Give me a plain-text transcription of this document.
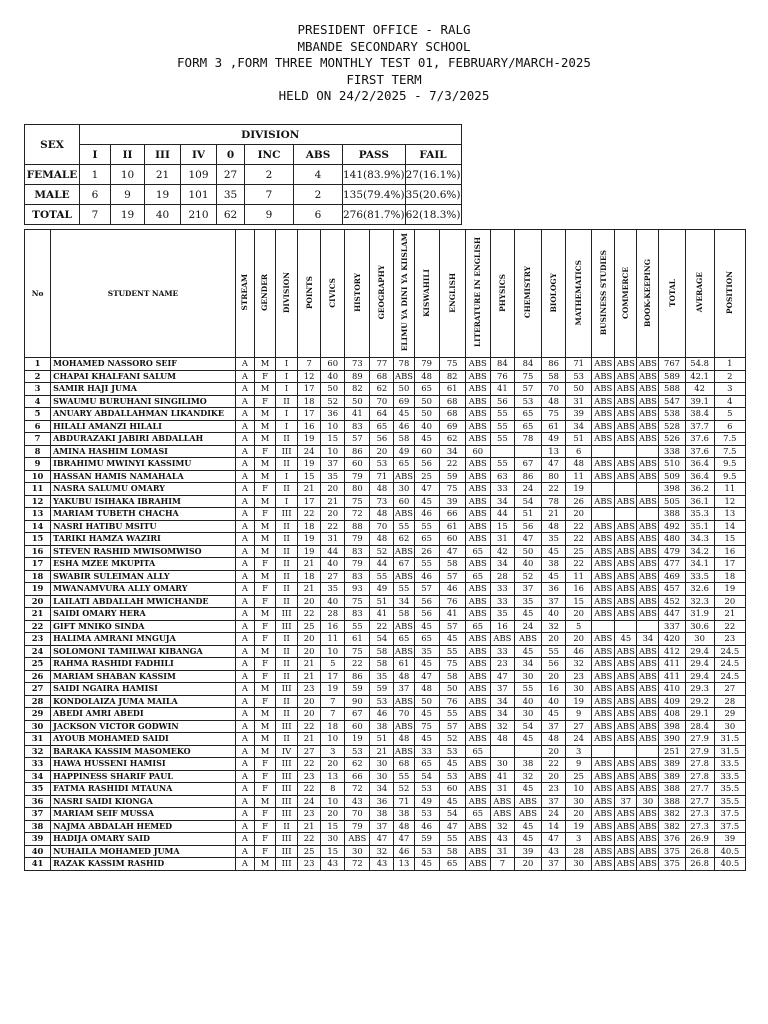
PRESIDENT OFFICE - RALG
MBANDE SECONDARY SCHOOL
FORM 3 ,FORM THREE MONTHLY TEST 01, FEBRUARY/MARCH-2025
FIRST TERM
HELD ON 24/2/2025 - 7/3/2025
SEX	DIVISION								
	I	II	III	IV	0	INC	ABS	PASS	FAIL
FEMALE	1	10	21	109	27	2	4	141(83.9%)	27(16.1%)
MALE	6	9	19	101	35	7	2	135(79.4%)	35(20.6%)
TOTAL	7	19	40	210	62	9	6	276(81.7%)	62(18.3%)
No	STUDENT NAME	STREAM	GENDER	DIVISION	POINTS	CIVICS	HISTORY	GEOGRAPHY	ELIMU YA DINI YA KIISLAM	KISWAHILI	ENGLISH	LITERATURE IN ENGLISH	PHYSICS	CHEMISTRY	BIOLOGY	MATHEMATICS	BUSINESS STUDIES	COMMERCE	BOOK-KEEPING	TOTAL	AVERAGE	POSITION
1	MOHAMED NASSORO SEIF	A	M	I	7	60	73	77	78	79	75	ABS	84	84	86	71	ABS	ABS	ABS	767	54.8	1
2	CHAPAI KHALFANI SALUM	A	F	I	12	40	89	68	ABS	48	82	ABS	76	75	58	53	ABS	ABS	ABS	589	42.1	2
3	SAMIR HAJI JUMA	A	M	I	17	50	82	62	50	65	61	ABS	41	57	70	50	ABS	ABS	ABS	588	42	3
4	SWAUMU BURUHANI SINGILIMO	A	F	II	18	52	50	70	69	50	68	ABS	56	53	48	31	ABS	ABS	ABS	547	39.1	4
5	ANUARY ABDALLAHMAN LIKANDIKE	A	M	I	17	36	41	64	45	50	68	ABS	55	65	75	39	ABS	ABS	ABS	538	38.4	5
6	HILALI AMANZI HILALI	A	M	I	16	10	83	65	46	40	69	ABS	55	65	61	34	ABS	ABS	ABS	528	37.7	6
7	ABDURAZAKI JABIRI ABDALLAH	A	M	II	19	15	57	56	58	45	62	ABS	55	78	49	51	ABS	ABS	ABS	526	37.6	7.5
8	AMINA HASHIM LOMASI	A	F	III	24	10	86	20	49	60	34	60			13	6				338	37.6	7.5
9	IBRAHIMU MWINYI KASSIMU	A	M	II	19	37	60	53	65	56	22	ABS	55	67	47	48	ABS	ABS	ABS	510	36.4	9.5
10	HASSAN HAMIS NAMAHALA	A	M	I	15	35	79	71	ABS	25	59	ABS	63	86	80	11	ABS	ABS	ABS	509	36.4	9.5
11	NASRA SALUMU OMARY	A	F	II	21	20	80	48	30	47	75	ABS	33	24	22	19				398	36.2	11
12	YAKUBU ISIHAKA IBRAHIM	A	M	I	17	21	75	73	60	45	39	ABS	34	54	78	26	ABS	ABS	ABS	505	36.1	12
13	MARIAM TUBETH CHACHA	A	F	III	22	20	72	48	ABS	46	66	ABS	44	51	21	20				388	35.3	13
14	NASRI HATIBU MSITU	A	M	II	18	22	88	70	55	55	61	ABS	15	56	48	22	ABS	ABS	ABS	492	35.1	14
15	TARIKI HAMZA WAZIRI	A	M	II	19	31	79	48	62	65	60	ABS	31	47	35	22	ABS	ABS	ABS	480	34.3	15
16	STEVEN RASHID MWISOMWISO	A	M	II	19	44	83	52	ABS	26	47	65	42	50	45	25	ABS	ABS	ABS	479	34.2	16
17	ESHA MZEE MKUPITA	A	F	II	21	40	79	44	67	55	58	ABS	34	40	38	22	ABS	ABS	ABS	477	34.1	17
18	SWABIR SULEIMAN ALLY	A	M	II	18	27	83	55	ABS	46	57	65	28	52	45	11	ABS	ABS	ABS	469	33.5	18
19	MWANAMVURA ALLY OMARY	A	F	II	21	35	93	49	55	57	46	ABS	33	37	36	16	ABS	ABS	ABS	457	32.6	19
20	LAILATI ABDALLAH MWICHANDE	A	F	II	20	40	75	51	34	56	76	ABS	33	35	37	15	ABS	ABS	ABS	452	32.3	20
21	SAIDI OMARY HERA	A	M	III	22	28	83	41	58	56	41	ABS	35	45	40	20	ABS	ABS	ABS	447	31.9	21
22	GIFT MNIKO SINDA	A	F	III	25	16	55	22	ABS	45	57	65	16	24	32	5				337	30.6	22
23	HALIMA AMRANI MNGUJA	A	F	II	20	11	61	54	65	65	45	ABS	ABS	ABS	20	20	ABS	45	34	420	30	23
24	SOLOMONI TAMILWAI KIBANGA	A	M	II	20	10	75	58	ABS	35	55	ABS	33	45	55	46	ABS	ABS	ABS	412	29.4	24.5
25	RAHMA RASHIDI FADHILI	A	F	II	21	5	22	58	61	45	75	ABS	23	34	56	32	ABS	ABS	ABS	411	29.4	24.5
26	MARIAM SHABAN KASSIM	A	F	II	21	17	86	35	48	47	58	ABS	47	30	20	23	ABS	ABS	ABS	411	29.4	24.5
27	SAIDI NGAIRA HAMISI	A	M	III	23	19	59	59	37	48	50	ABS	37	55	16	30	ABS	ABS	ABS	410	29.3	27
28	KONDOLAIZA JUMA MAILA	A	F	II	20	7	90	53	ABS	50	76	ABS	34	40	40	19	ABS	ABS	ABS	409	29.2	28
29	ABEDI AMRI ABEDI	A	M	II	20	7	67	46	70	45	55	ABS	34	30	45	9	ABS	ABS	ABS	408	29.1	29
30	JACKSON VICTOR GODWIN	A	M	III	22	18	60	38	ABS	75	57	ABS	32	54	37	27	ABS	ABS	ABS	398	28.4	30
31	AYOUB MOHAMED SAIDI	A	M	II	21	10	19	51	48	45	52	ABS	48	45	48	24	ABS	ABS	ABS	390	27.9	31.5
32	BARAKA KASSIM MASOMEKO	A	M	IV	27	3	53	21	ABS	33	53	65			20	3				251	27.9	31.5
33	HAWA HUSSENI HAMISI	A	F	III	22	20	62	30	68	65	45	ABS	30	38	22	9	ABS	ABS	ABS	389	27.8	33.5
34	HAPPINESS SHARIF PAUL	A	F	III	23	13	66	30	55	54	53	ABS	41	32	20	25	ABS	ABS	ABS	389	27.8	33.5
35	FATMA RASHIDI MTAUNA	A	F	III	22	8	72	34	52	53	60	ABS	31	45	23	10	ABS	ABS	ABS	388	27.7	35.5
36	NASRI SAIDI KIONGA	A	M	III	24	10	43	36	71	49	45	ABS	ABS	ABS	37	30	ABS	37	30	388	27.7	35.5
37	MARIAM SEIF MUSSA	A	F	III	23	20	70	38	38	53	54	65	ABS	ABS	24	20	ABS	ABS	ABS	382	27.3	37.5
38	NAJMA ABDALAH HEMED	A	F	II	21	15	79	37	48	46	47	ABS	32	45	14	19	ABS	ABS	ABS	382	27.3	37.5
39	HADIJA OMARY SAID	A	F	III	22	30	ABS	47	47	59	55	ABS	43	45	47	3	ABS	ABS	ABS	376	26.9	39
40	NUHAILA MOHAMED JUMA	A	F	III	25	15	30	32	46	53	58	ABS	31	39	43	28	ABS	ABS	ABS	375	26.8	40.5
41	RAZAK KASSIM RASHID	A	M	III	23	43	72	43	13	45	65	ABS	7	20	37	30	ABS	ABS	ABS	375	26.8	40.5
